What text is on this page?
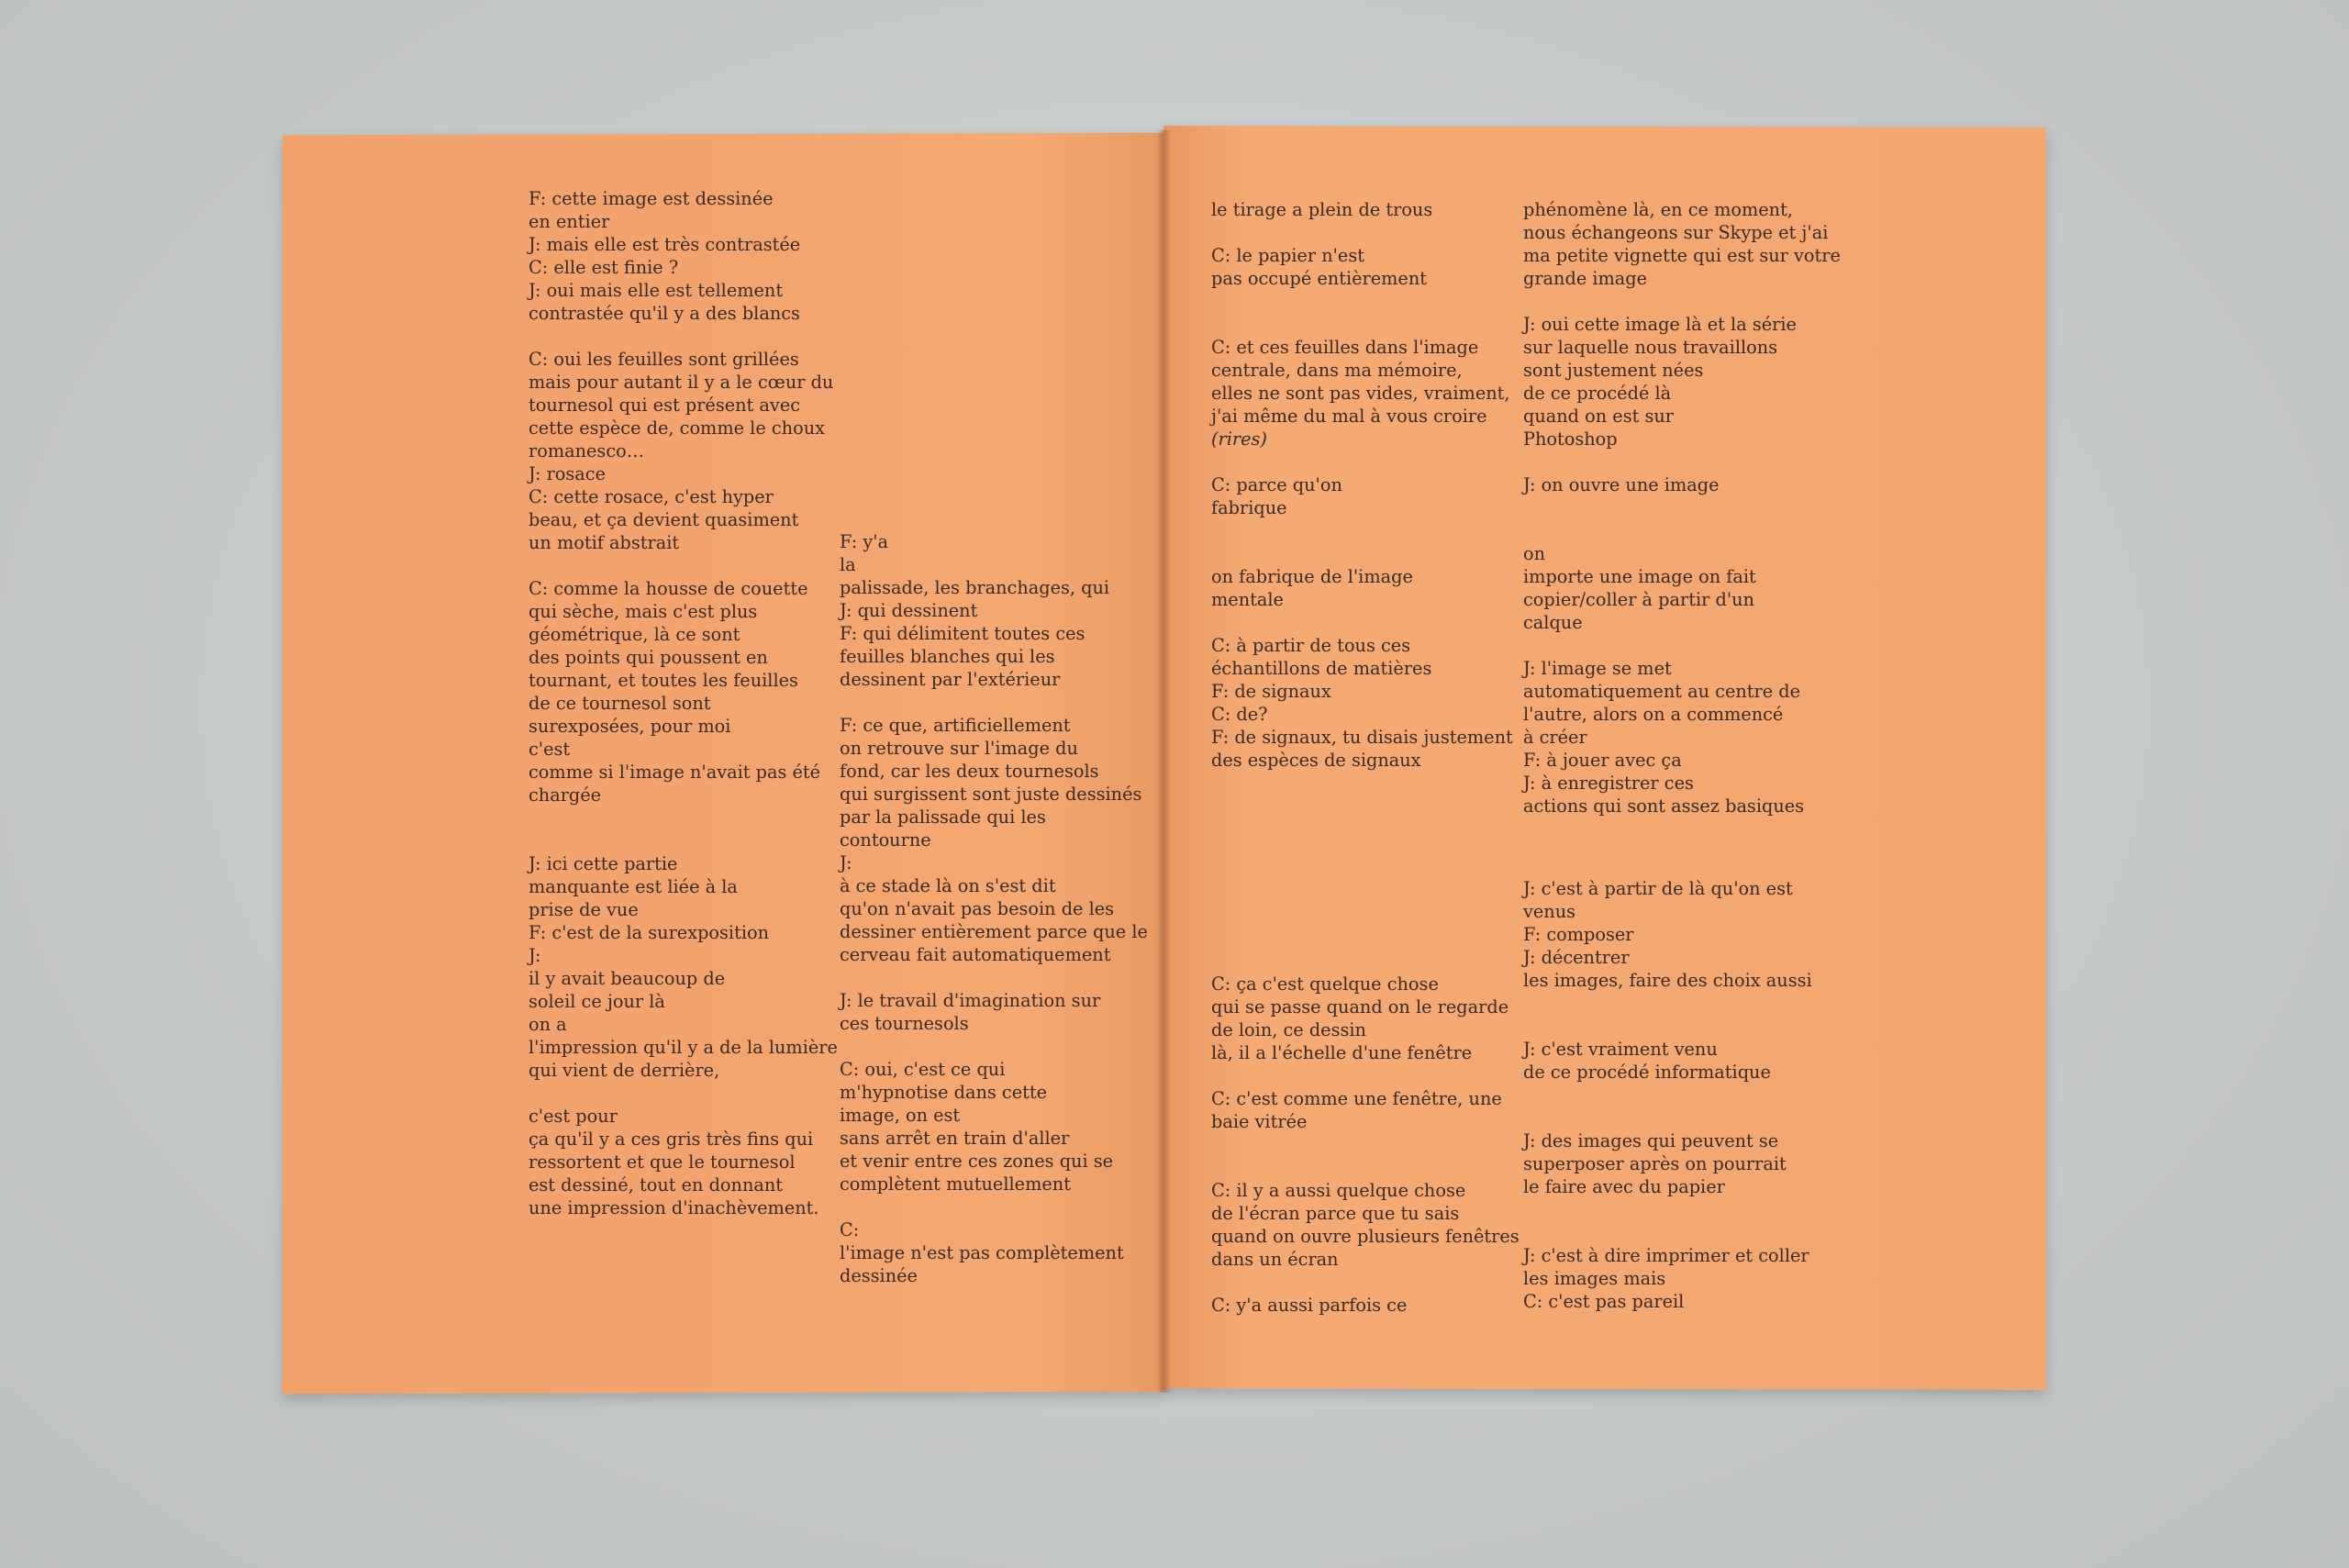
F: cette image est dessinée
en entier
J: mais elle est très contrastée
C: elle est finie ?
J: oui mais elle est tellement
contrastée qu'il y a des blancs
C: oui les feuilles sont grillées
mais pour autant il y a le cœur du
tournesol qui est présent avec
cette espèce de, comme le choux
romanesco…
J: rosace
C: cette rosace, c'est hyper
beau, et ça devient quasiment
un motif abstrait
C: comme la housse de couette
qui sèche, mais c'est plus
géométrique, là ce sont
des points qui poussent en
tournant, et toutes les feuilles
de ce tournesol sont
surexposées, pour moi
c'est
comme si l'image n'avait pas été
chargée
J: ici cette partie
manquante est liée à la
prise de vue
F: c'est de la surexposition
J:
il y avait beaucoup de
soleil ce jour là
on a
l'impression qu'il y a de la lumière
qui vient de derrière,
c'est pour
ça qu'il y a ces gris très fins qui
ressortent et que le tournesol
est dessiné, tout en donnant
une impression d'inachèvement.
F: y'a
la
palissade, les branchages, qui
J: qui dessinent
F: qui délimitent toutes ces
feuilles blanches qui les
dessinent par l'extérieur
F: ce que, artificiellement
on retrouve sur l'image du
fond, car les deux tournesols
qui surgissent sont juste dessinés
par la palissade qui les
contourne
J:
à ce stade là on s'est dit
qu'on n'avait pas besoin de les
dessiner entièrement parce que le
cerveau fait automatiquement
J: le travail d'imagination sur
ces tournesols
C: oui, c'est ce qui
m'hypnotise dans cette
image, on est
sans arrêt en train d'aller
et venir entre ces zones qui se
complètent mutuellement
C:
l'image n'est pas complètement
dessinée
le tirage a plein de trous
C: le papier n'est
pas occupé entièrement
C: et ces feuilles dans l'image
centrale, dans ma mémoire,
elles ne sont pas vides, vraiment,
j'ai même du mal à vous croire
(rires)
C: parce qu'on
fabrique
on fabrique de l'image
mentale
C: à partir de tous ces
échantillons de matières
F: de signaux
C: de?
F: de signaux, tu disais justement
des espèces de signaux
C: ça c'est quelque chose
qui se passe quand on le regarde
de loin, ce dessin
là, il a l'échelle d'une fenêtre
C: c'est comme une fenêtre, une
baie vitrée
C: il y a aussi quelque chose
de l'écran parce que tu sais
quand on ouvre plusieurs fenêtres
dans un écran
C: y'a aussi parfois ce
phénomène là, en ce moment,
nous échangeons sur Skype et j'ai
ma petite vignette qui est sur votre
grande image
J: oui cette image là et la série
sur laquelle nous travaillons
sont justement nées
de ce procédé là
quand on est sur
Photoshop
J: on ouvre une image
on
importe une image on fait
copier/coller à partir d'un
calque
J: l'image se met
automatiquement au centre de
l'autre, alors on a commencé
à créer
F: à jouer avec ça
J: à enregistrer ces
actions qui sont assez basiques
J: c'est à partir de là qu'on est
venus
F: composer
J: décentrer
les images, faire des choix aussi
J: c'est vraiment venu
de ce procédé informatique
J: des images qui peuvent se
superposer après on pourrait
le faire avec du papier
J: c'est à dire imprimer et coller
les images mais
C: c'est pas pareil
